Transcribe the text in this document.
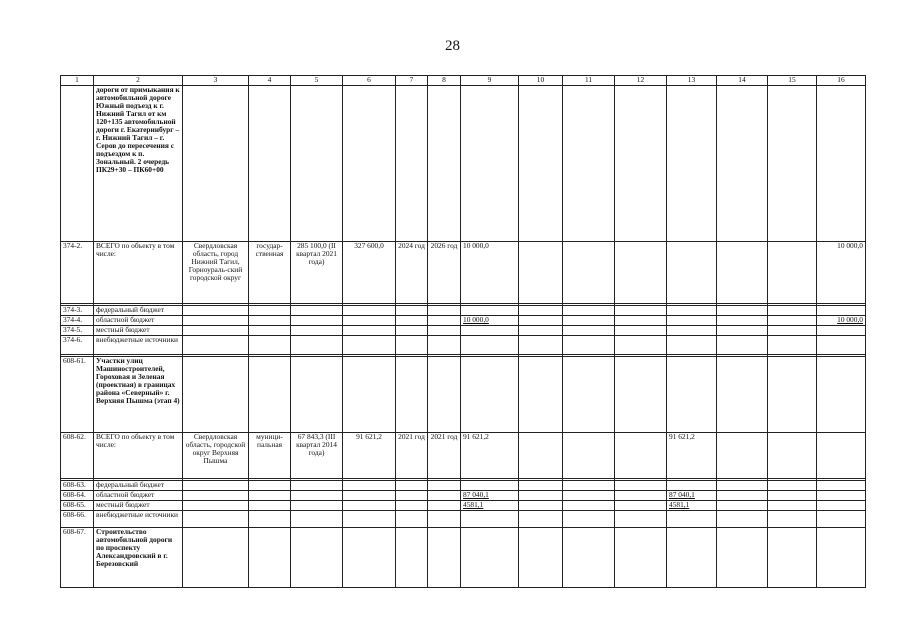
28
1	2	3	4	5	6	7	8	9	10	11	12	13	14	15	16
	дороги от примыкания к автомобильной дороге Южный подъезд к г. Нижний Тагил от км 120+135 автомобильной дороги г. Екатеринбург – г. Нижний Тагил – г. Серов до пересечения с подъездом к п. Зональный. 2 очередь ПК29+30 – ПК60+00														
374-2.	ВСЕГО по объекту в том числе:	Свердловская область, город Нижний Тагил, Горноураль-ский городской округ	государ-ственная	285 100,0 (II квартал 2021 года)	327 600,0	2024 год	2026 год	10 000,0							10 000,0

374-3.	федеральный бюджет														
374-4.	областной бюджет							10 000,0							10 000,0
374-5.	местный бюджет														
374-6.	внебюджетные источники														

608-61.	Участки улиц Машиностроителей, Гороховая и Зеленая (проектная) в границах района «Северный» г. Верхняя Пышма (этап 4)														
608-62.	ВСЕГО по объекту в том числе:	Свердловская область, городской округ Верхняя Пышма	муници-пальная	67 843,3 (III квартал 2014 года)	91 621,2	2021 год	2021 год	91 621,2				91 621,2			

608-63.	федеральный бюджет														
608-64.	областной бюджет							87 040,1				87 040,1			
608-65.	местный бюджет							4581,1				4581,1			
608-66.	внебюджетные источники														
608-67.	Строительство автомобильной дороги по проспекту Александровский в г. Березовский														
